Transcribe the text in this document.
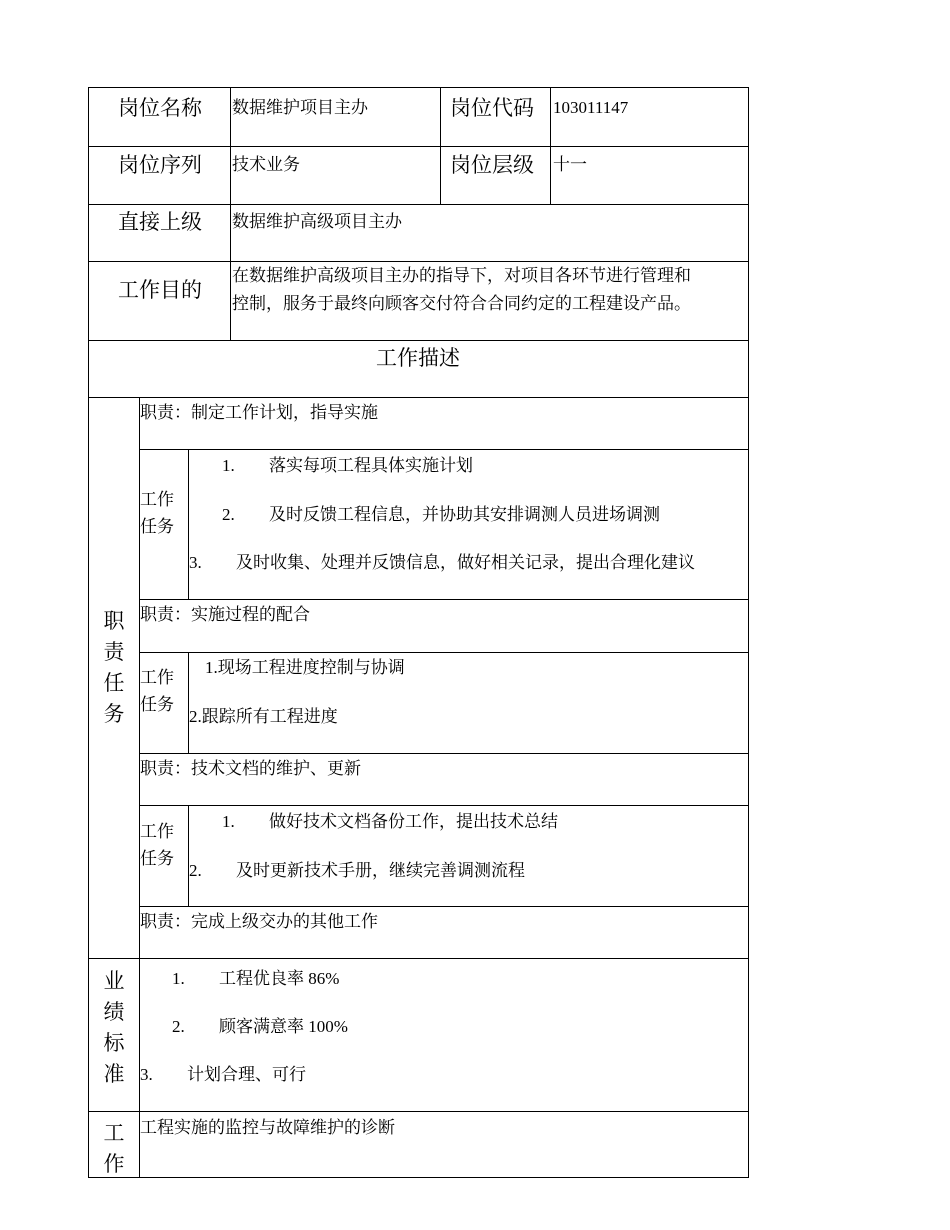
岗位名称 数据维护项目主办	岗位代码 103011147
岗位序列 技术业务	岗位层级 十一
直接上级 数据维护高级项目主办
工作目的
在数据维护高级项目主办的指导下，对项目各环节进行管理和
控制，服务于最终向顾客交付符合合同约定的工程建设产品。
工作描述
职责任务
职责：制定工作计划，指导实施
工作
任务
1. 落实每项工程具体实施计划
2. 及时反馈工程信息，并协助其安排调测人员进场调测
3. 及时收集、处理并反馈信息，做好相关记录，提出合理化建议
职责：实施过程的配合
工作
任务
1.现场工程进度控制与协调
2.跟踪所有工程进度
职责：技术文档的维护、更新
工作
任务
1. 做好技术文档备份工作，提出技术总结
2. 及时更新技术手册，继续完善调测流程
职责：完成上级交办的其他工作
业绩标准
1. 工程优良率 86%
2. 顾客满意率 100%
3. 计划合理、可行
工作
工程实施的监控与故障维护的诊断
